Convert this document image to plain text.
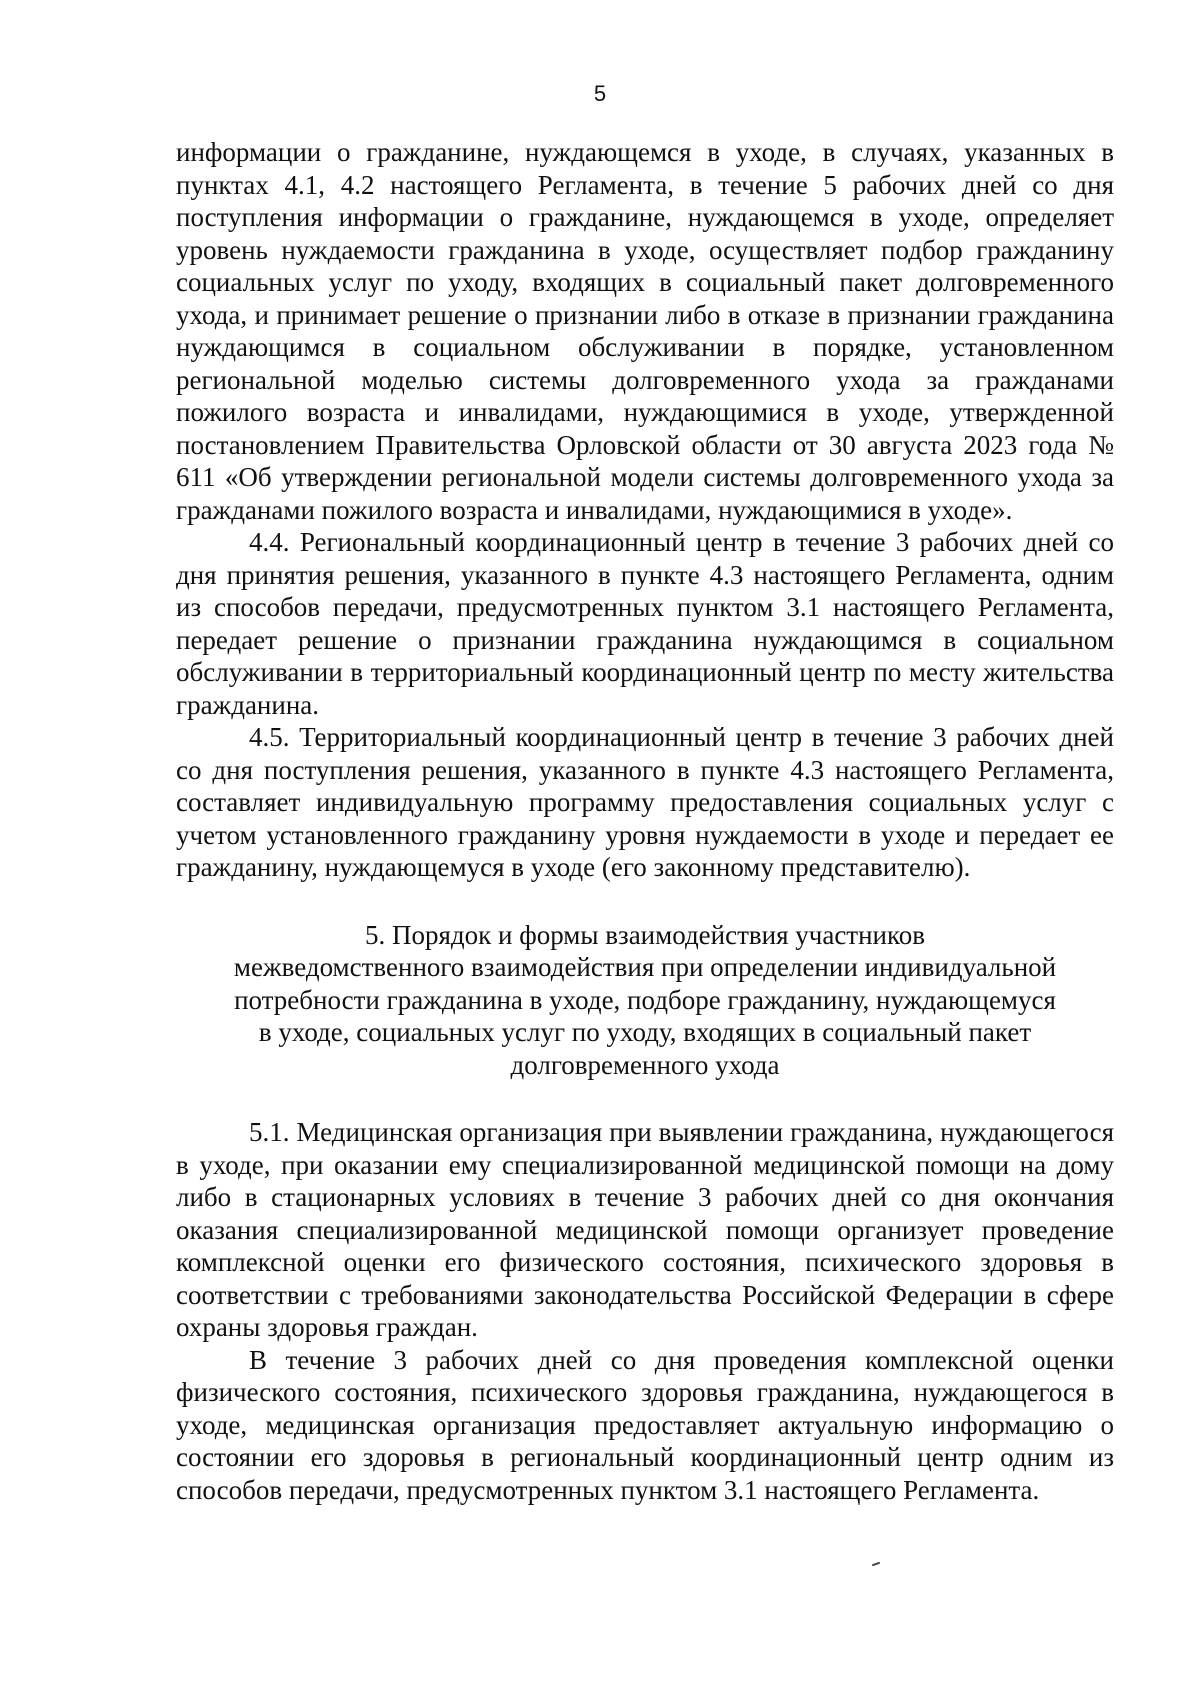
5

информации о гражданине, нуждающемся в уходе, в случаях, указанных в пунктах 4.1, 4.2 настоящего Регламента, в течение 5 рабочих дней со дня поступления информации о гражданине, нуждающемся в уходе, определяет уровень нуждаемости гражданина в уходе, осуществляет подбор гражданину социальных услуг по уходу, входящих в социальный пакет долговременного ухода, и принимает решение о признании либо в отказе в признании гражданина нуждающимся в социальном обслуживании в порядке, установленном региональной моделью системы долговременного ухода за гражданами пожилого возраста и инвалидами, нуждающимися в уходе, утвержденной постановлением Правительства Орловской области от 30 августа 2023 года № 611 «Об утверждении региональной модели системы долговременного ухода за гражданами пожилого возраста и инвалидами, нуждающимися в уходе».

4.4. Региональный координационный центр в течение 3 рабочих дней со дня принятия решения, указанного в пункте 4.3 настоящего Регламента, одним из способов передачи, предусмотренных пунктом 3.1 настоящего Регламента, передает решение о признании гражданина нуждающимся в социальном обслуживании в территориальный координационный центр по месту жительства гражданина.

4.5. Территориальный координационный центр в течение 3 рабочих дней со дня поступления решения, указанного в пункте 4.3 настоящего Регламента, составляет индивидуальную программу предоставления социальных услуг с учетом установленного гражданину уровня нуждаемости в уходе и передает ее гражданину, нуждающемуся в уходе (его законному представителю).

5. Порядок и формы взаимодействия участников
межведомственного взаимодействия при определении индивидуальной
потребности гражданина в уходе, подборе гражданину, нуждающемуся
в уходе, социальных услуг по уходу, входящих в социальный пакет
долговременного ухода

5.1. Медицинская организация при выявлении гражданина, нуждающегося в уходе, при оказании ему специализированной медицинской помощи на дому либо в стационарных условиях в течение 3 рабочих дней со дня окончания оказания специализированной медицинской помощи организует проведение комплексной оценки его физического состояния, психического здоровья в соответствии с требованиями законодательства Российской Федерации в сфере охраны здоровья граждан.

В течение 3 рабочих дней со дня проведения комплексной оценки физического состояния, психического здоровья гражданина, нуждающегося в уходе, медицинская организация предоставляет актуальную информацию о состоянии его здоровья в региональный координационный центр одним из способов передачи, предусмотренных пунктом 3.1 настоящего Регламента.
